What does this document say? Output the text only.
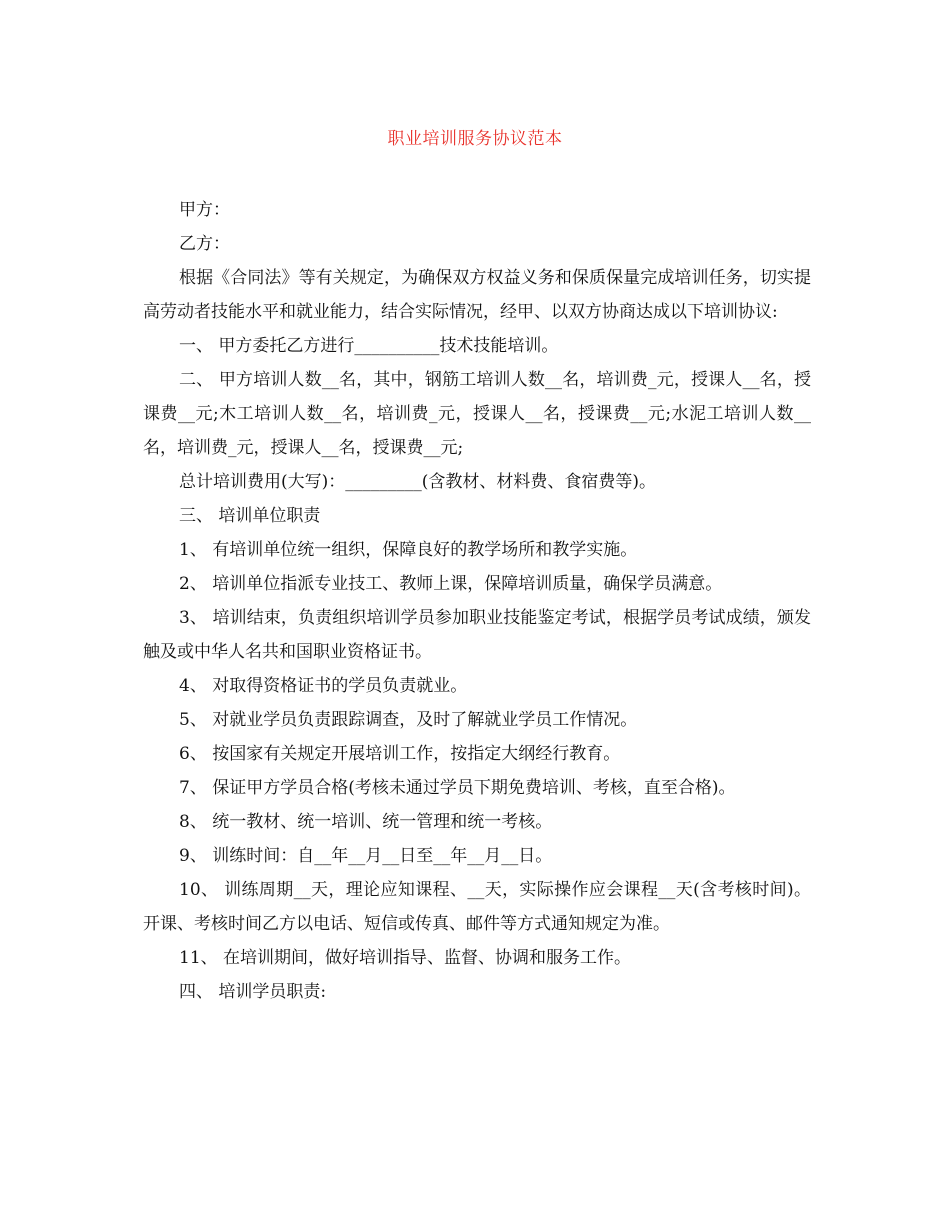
职业培训服务协议范本

甲方：

乙方：

根据《合同法》等有关规定，为确保双方权益义务和保质保量完成培训任务，切实提高劳动者技能水平和就业能力，结合实际情况，经甲、以双方协商达成以下培训协议:

一、 甲方委托乙方进行__________技术技能培训。

二、 甲方培训人数__名，其中，钢筋工培训人数__名，培训费_元，授课人__名，授课费__元;木工培训人数__名，培训费_元，授课人__名，授课费__元;水泥工培训人数__名，培训费_元，授课人__名，授课费__元;

总计培训费用(大写)：_________(含教材、材料费、食宿费等)。

三、 培训单位职责

1、 有培训单位统一组织，保障良好的教学场所和教学实施。

2、 培训单位指派专业技工、教师上课，保障培训质量，确保学员满意。

3、 培训结束，负责组织培训学员参加职业技能鉴定考试，根据学员考试成绩，颁发触及或中华人名共和国职业资格证书。

4、 对取得资格证书的学员负责就业。

5、 对就业学员负责跟踪调查，及时了解就业学员工作情况。

6、 按国家有关规定开展培训工作，按指定大纲经行教育。

7、 保证甲方学员合格(考核未通过学员下期免费培训、考核，直至合格)。

8、 统一教材、统一培训、统一管理和统一考核。

9、 训练时间：自__年__月__日至__年__月__日。

10、 训练周期__天，理论应知课程、__天，实际操作应会课程__天(含考核时间)。开课、考核时间乙方以电话、短信或传真、邮件等方式通知规定为准。

11、 在培训期间，做好培训指导、监督、协调和服务工作。

四、 培训学员职责:
